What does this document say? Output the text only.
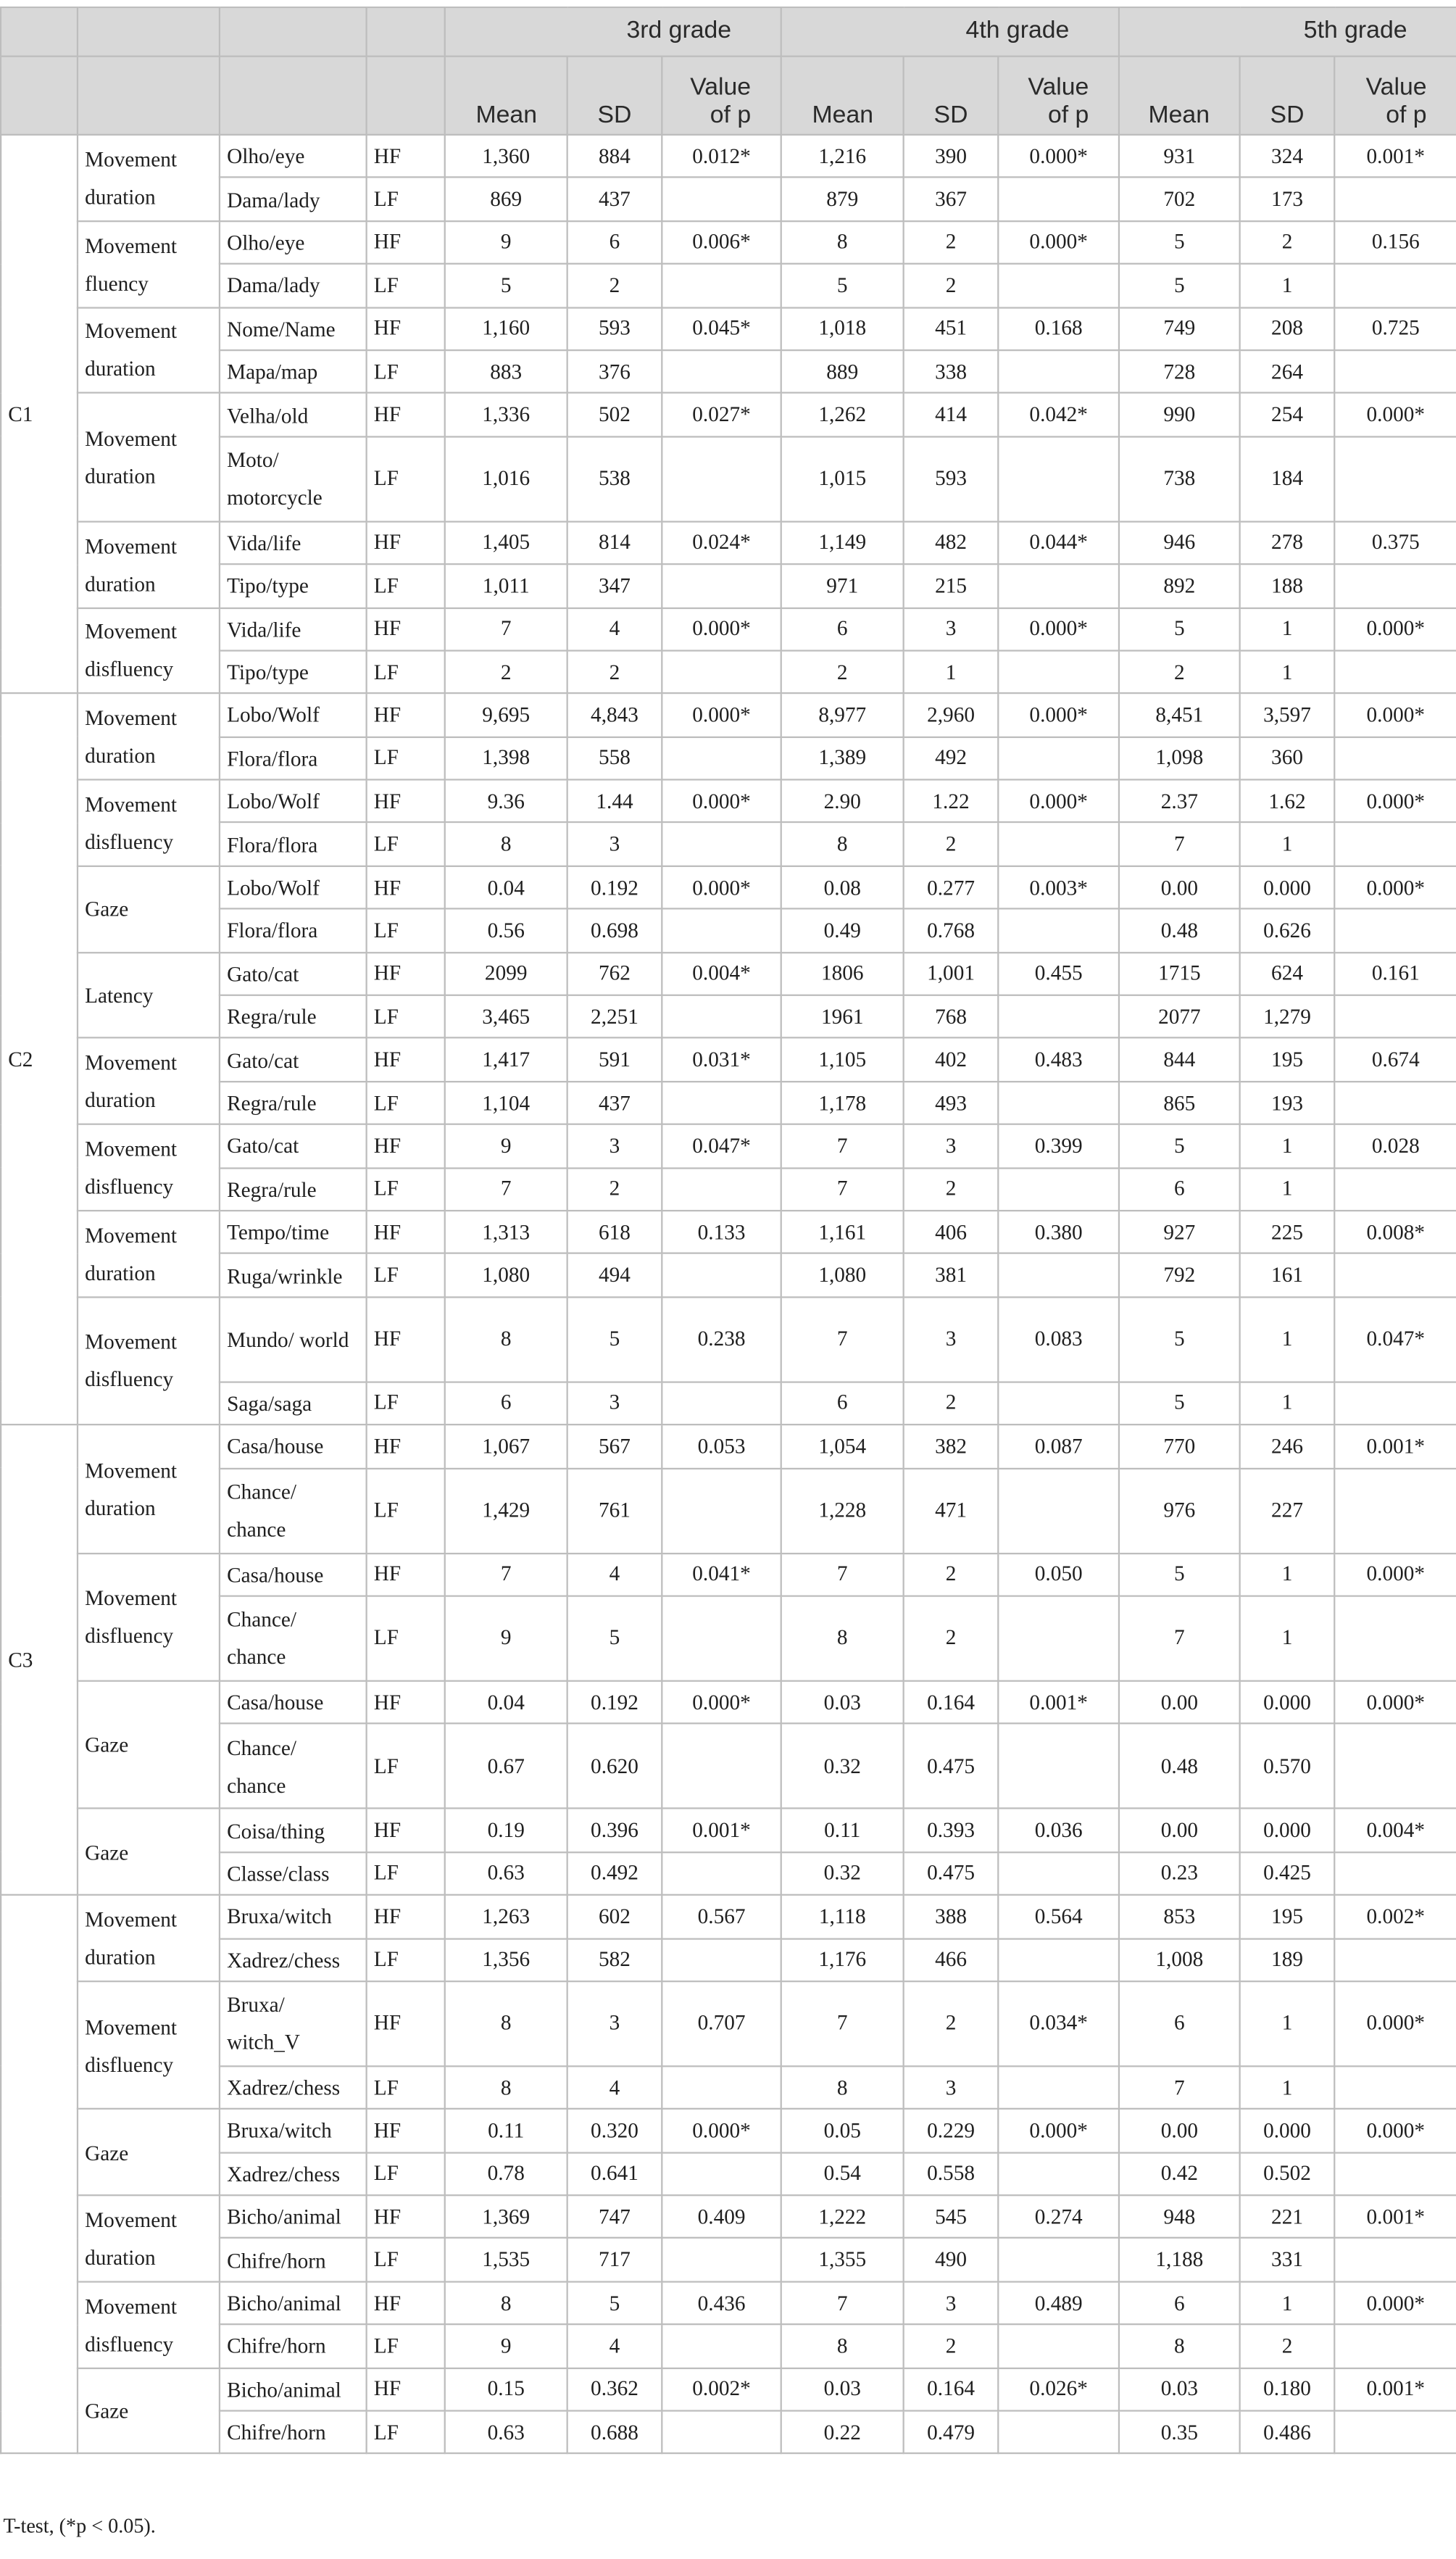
				3rd grade			4th grade			5th grade		
				Mean	SD	Value of p	Mean	SD	Value of p	Mean	SD	Value of p
C1	Movement duration	Olho/eye	HF	1,360	884	0.012*	1,216	390	0.000*	931	324	0.001*
		Dama/lady	LF	869	437		879	367		702	173	
	Movement fluency	Olho/eye	HF	9	6	0.006*	8	2	0.000*	5	2	0.156
		Dama/lady	LF	5	2		5	2		5	1	
	Movement duration	Nome/Name	HF	1,160	593	0.045*	1,018	451	0.168	749	208	0.725
		Mapa/map	LF	883	376		889	338		728	264	
	Movement duration	Velha/old	HF	1,336	502	0.027*	1,262	414	0.042*	990	254	0.000*
		Moto/ motorcycle	LF	1,016	538		1,015	593		738	184	
	Movement duration	Vida/life	HF	1,405	814	0.024*	1,149	482	0.044*	946	278	0.375
		Tipo/type	LF	1,011	347		971	215		892	188	
	Movement disfluency	Vida/life	HF	7	4	0.000*	6	3	0.000*	5	1	0.000*
		Tipo/type	LF	2	2		2	1		2	1	
C2	Movement duration	Lobo/Wolf	HF	9,695	4,843	0.000*	8,977	2,960	0.000*	8,451	3,597	0.000*
		Flora/flora	LF	1,398	558		1,389	492		1,098	360	
	Movement disfluency	Lobo/Wolf	HF	9.36	1.44	0.000*	2.90	1.22	0.000*	2.37	1.62	0.000*
		Flora/flora	LF	8	3		8	2		7	1	
	Gaze	Lobo/Wolf	HF	0.04	0.192	0.000*	0.08	0.277	0.003*	0.00	0.000	0.000*
		Flora/flora	LF	0.56	0.698		0.49	0.768		0.48	0.626	
	Latency	Gato/cat	HF	2099	762	0.004*	1806	1,001	0.455	1715	624	0.161
		Regra/rule	LF	3,465	2,251		1961	768		2077	1,279	
	Movement duration	Gato/cat	HF	1,417	591	0.031*	1,105	402	0.483	844	195	0.674
		Regra/rule	LF	1,104	437		1,178	493		865	193	
	Movement disfluency	Gato/cat	HF	9	3	0.047*	7	3	0.399	5	1	0.028
		Regra/rule	LF	7	2		7	2		6	1	
	Movement duration	Tempo/time	HF	1,313	618	0.133	1,161	406	0.380	927	225	0.008*
		Ruga/wrinkle	LF	1,080	494		1,080	381		792	161	
	Movement disfluency	Mundo/ world	HF	8	5	0.238	7	3	0.083	5	1	0.047*
		Saga/saga	LF	6	3		6	2		5	1	
C3	Movement duration	Casa/house	HF	1,067	567	0.053	1,054	382	0.087	770	246	0.001*
		Chance/ chance	LF	1,429	761		1,228	471		976	227	
	Movement disfluency	Casa/house	HF	7	4	0.041*	7	2	0.050	5	1	0.000*
		Chance/ chance	LF	9	5		8	2		7	1	
	Gaze	Casa/house	HF	0.04	0.192	0.000*	0.03	0.164	0.001*	0.00	0.000	0.000*
		Chance/ chance	LF	0.67	0.620		0.32	0.475		0.48	0.570	
	Gaze	Coisa/thing	HF	0.19	0.396	0.001*	0.11	0.393	0.036	0.00	0.000	0.004*
		Classe/class	LF	0.63	0.492		0.32	0.475		0.23	0.425	
	Movement duration	Bruxa/witch	HF	1,263	602	0.567	1,118	388	0.564	853	195	0.002*
		Xadrez/chess	LF	1,356	582		1,176	466		1,008	189	
	Movement disfluency	Bruxa/ witch_V	HF	8	3	0.707	7	2	0.034*	6	1	0.000*
		Xadrez/chess	LF	8	4		8	3		7	1	
	Gaze	Bruxa/witch	HF	0.11	0.320	0.000*	0.05	0.229	0.000*	0.00	0.000	0.000*
		Xadrez/chess	LF	0.78	0.641		0.54	0.558		0.42	0.502	
	Movement duration	Bicho/animal	HF	1,369	747	0.409	1,222	545	0.274	948	221	0.001*
		Chifre/horn	LF	1,535	717		1,355	490		1,188	331	
	Movement disfluency	Bicho/animal	HF	8	5	0.436	7	3	0.489	6	1	0.000*
		Chifre/horn	LF	9	4		8	2		8	2	
	Gaze	Bicho/animal	HF	0.15	0.362	0.002*	0.03	0.164	0.026*	0.03	0.180	0.001*
		Chifre/horn	LF	0.63	0.688		0.22	0.479		0.35	0.486	
T-test, (*p < 0.05).
